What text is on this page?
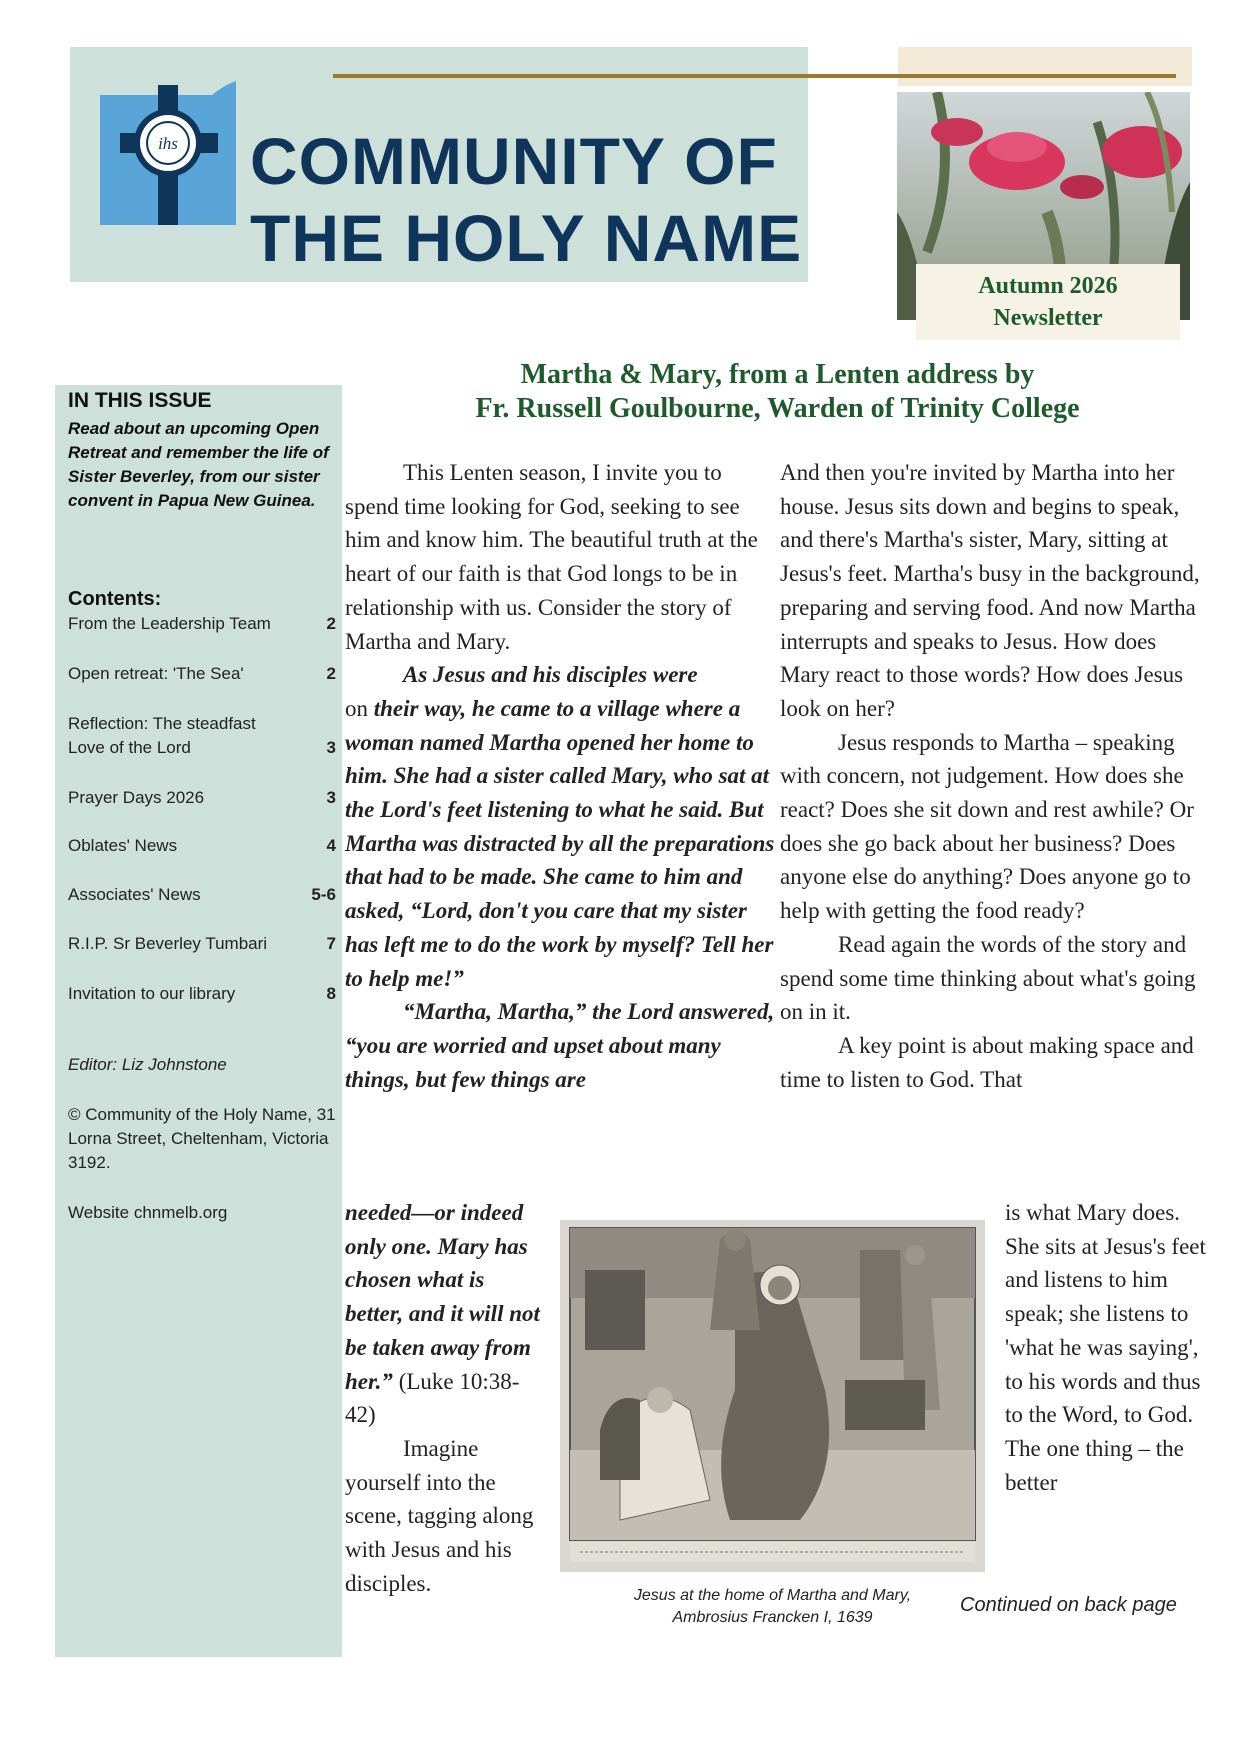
ihs COMMUNITY OF
THE HOLY NAME
Autumn 2026
Newsletter
IN THIS ISSUE
Read about an upcoming Open Retreat and remember the life of Sister Beverley, from our sister convent in Papua New Guinea.
Contents:
From the Leadership Team	2
Open retreat: 'The Sea'	2
Reflection: The steadfast Love of the Lord	3
Prayer Days 2026	3
Oblates' News	4
Associates' News	5-6
R.I.P. Sr Beverley Tumbari	7
Invitation to our library	8
Editor: Liz Johnstone
© Community of the Holy Name, 31 Lorna Street, Cheltenham, Victoria 3192.
Website chnmelb.org
Martha & Mary, from a Lenten address by
Fr. Russell Goulbourne, Warden of Trinity College

This Lenten season, I invite you to spend time looking for God, seeking to see him and know him. The beautiful truth at the heart of our faith is that God longs to be in relationship with us. Consider the story of Martha and Mary.

As Jesus and his disciples were
on their way, he came to a village where a woman named Martha opened her home to him. She had a sister called Mary, who sat at the Lord's feet listening to what he said. But Martha was distracted by all the preparations that had to be made. She came to him and asked, “Lord, don't you care that my sister has left me to do the work by myself? Tell her to help me!”

“Martha, Martha,” the Lord answered, “you are worried and upset about many things, but few things are

needed—or indeed only one. Mary has chosen what is better, and it will not be taken away from her.” (Luke 10:38-42)

Imagine yourself into the scene, tagging along with Jesus and his disciples.

And then you're invited by Martha into her house. Jesus sits down and begins to speak, and there's Martha's sister, Mary, sitting at Jesus's feet. Martha's busy in the background, preparing and serving food. And now Martha interrupts and speaks to Jesus. How does Mary react to those words? How does Jesus look on her?

Jesus responds to Martha – speaking with concern, not judgement. How does she react? Does she sit down and rest awhile? Or does she go back about her business? Does anyone else do anything? Does anyone go to help with getting the food ready?

Read again the words of the story and spend some time thinking about what's going on in it.

A key point is about making space and time to listen to God. That

is what Mary does. She sits at Jesus's feet and listens to him speak; she listens to 'what he was saying', to his words and thus to the Word, to God. The one thing – the better

Jesus at the home of Martha and Mary,
Ambrosius Francken I, 1639
Continued on back page
